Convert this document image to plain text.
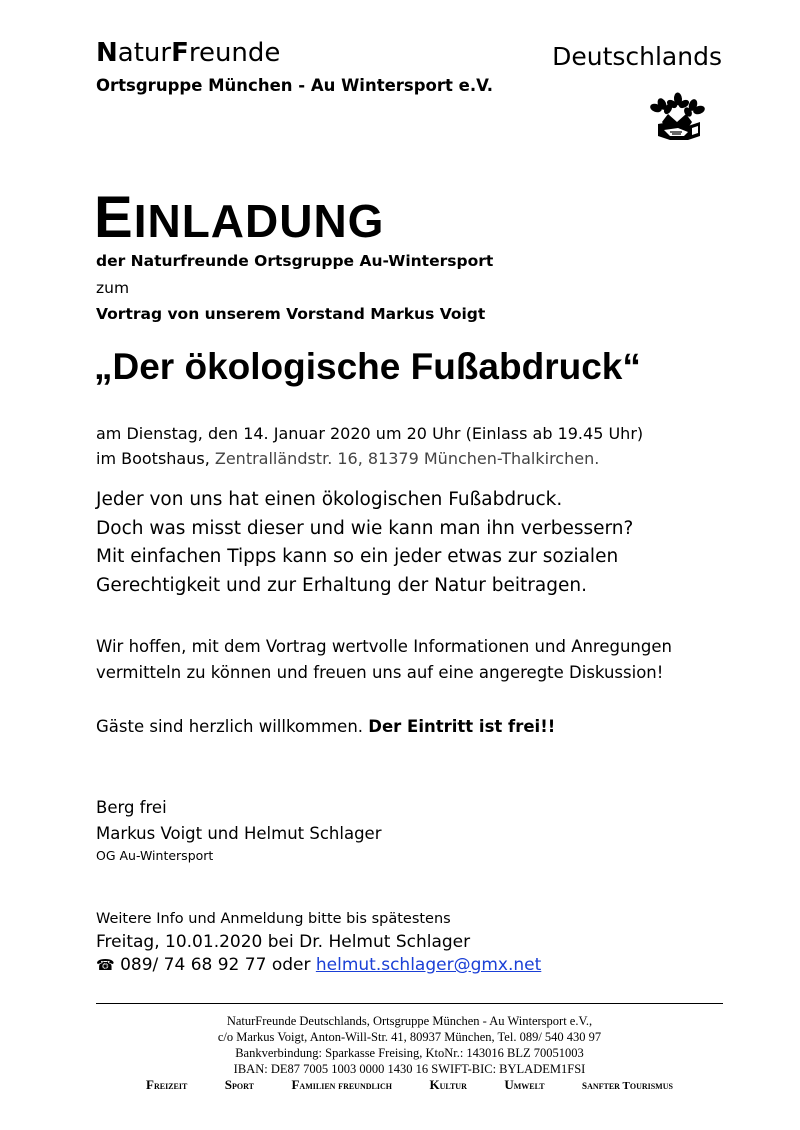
NaturFreunde	Deutschlands
Ortsgruppe München - Au Wintersport e.V.
EINLADUNG
der Naturfreunde Ortsgruppe Au-Wintersport
zum
Vortrag von unserem Vorstand Markus Voigt
„Der ökologische Fußabdruck“
am Dienstag, den 14. Januar 2020 um 20 Uhr (Einlass ab 19.45 Uhr)
im Bootshaus, Zentralländstr. 16, 81379 München-Thalkirchen.
Jeder von uns hat einen ökologischen Fußabdruck.
Doch was misst dieser und wie kann man ihn verbessern?
Mit einfachen Tipps kann so ein jeder etwas zur sozialen
Gerechtigkeit und zur Erhaltung der Natur beitragen.
Wir hoffen, mit dem Vortrag wertvolle Informationen und Anregungen
vermitteln zu können und freuen uns auf eine angeregte Diskussion!
Gäste sind herzlich willkommen. Der Eintritt ist frei!!
Berg frei
Markus Voigt und Helmut Schlager
OG Au-Wintersport
Weitere Info und Anmeldung bitte bis spätestens
Freitag, 10.01.2020 bei Dr. Helmut Schlager
☎ 089/ 74 68 92 77 oder helmut.schlager@gmx.net
NaturFreunde Deutschlands, Ortsgruppe München - Au Wintersport e.V.,
c/o Markus Voigt, Anton-Will-Str. 41, 80937 München, Tel. 089/ 540 430 97
Bankverbindung: Sparkasse Freising, KtoNr.: 143016 BLZ 70051003
IBAN: DE87 7005 1003 0000 1430 16 SWIFT-BIC: BYLADEM1FSI
Freizeit	Sport	Familien freundlich	Kultur	Umwelt	sanfter Tourismus
